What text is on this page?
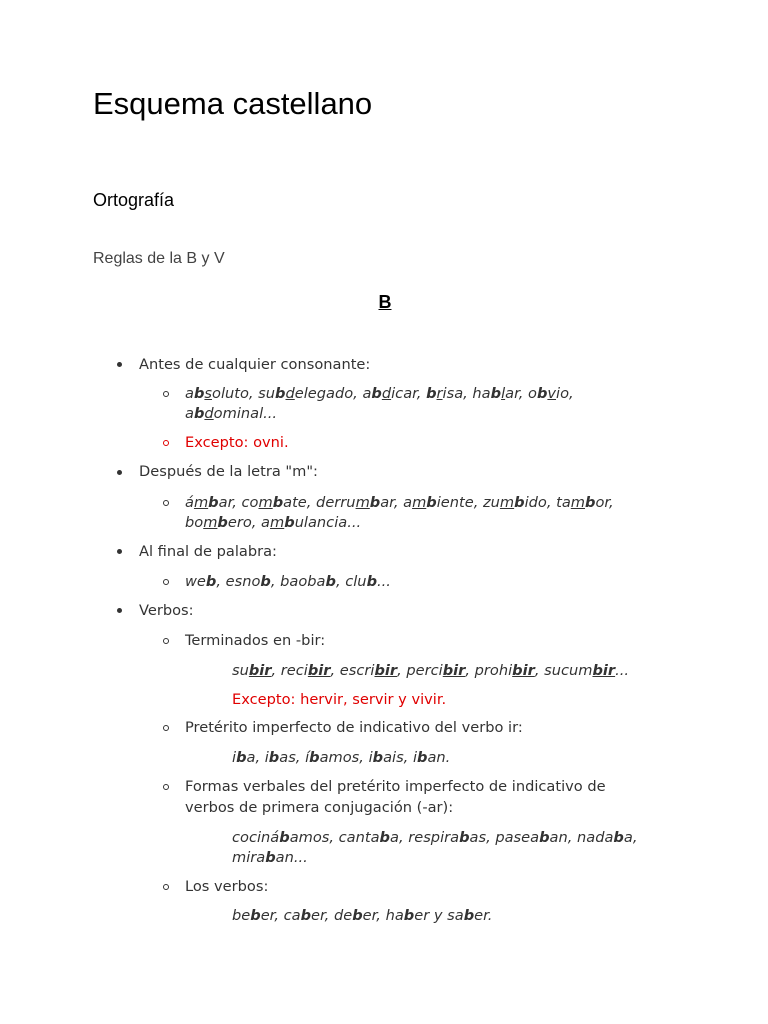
Esquema castellano
Ortografía
Reglas de la B y V
B
Antes de cualquier consonante:
absoluto, subdelegado, abdicar, brisa, hablar, obvio,
abdominal...
Excepto: ovni.
Después de la letra "m":
ámbar, combate, derrumbar, ambiente, zumbido, tambor,
bombero, ambulancia...
Al final de palabra:
web, esnob, baobab, club...
Verbos:
Terminados en -bir:
subir, recibir, escribir, percibir, prohibir, sucumbir...
Excepto: hervir, servir y vivir.
Pretérito imperfecto de indicativo del verbo ir:
iba, ibas, íbamos, ibais, iban.
Formas verbales del pretérito imperfecto de indicativo de
verbos de primera conjugación (-ar):
cocinábamos, cantaba, respirabas, paseaban, nadaba,
miraban...
Los verbos:
beber, caber, deber, haber y saber.
